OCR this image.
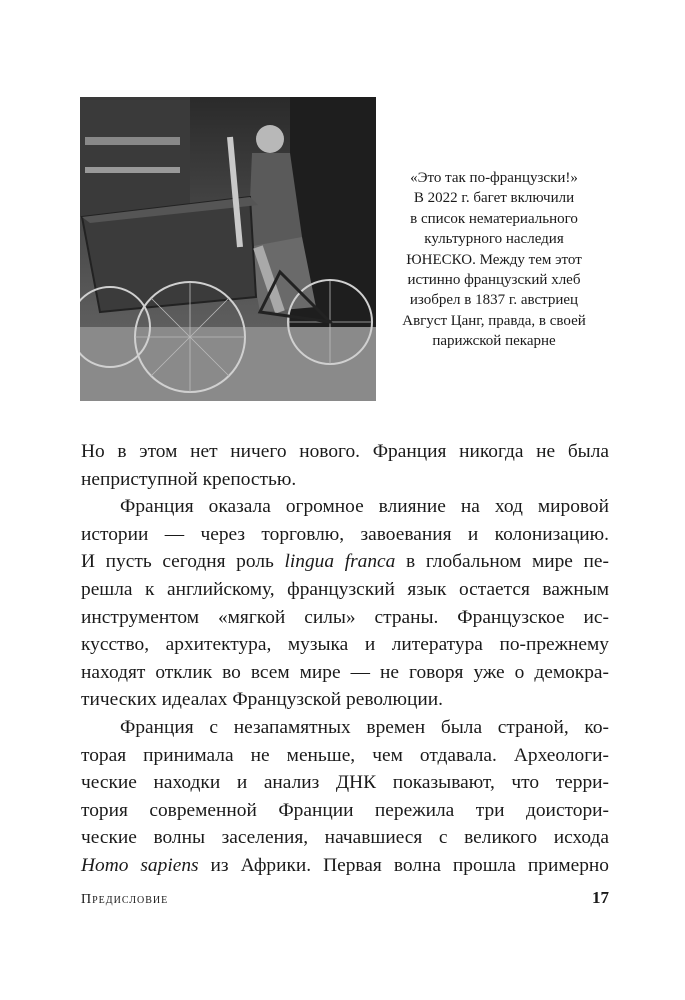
«Это так по-французски!»
В 2022 г. багет включили
в список нематериального
культурного наследия
ЮНЕСКО. Между тем этот
истинно французский хлеб
изобрел в 1837 г. австриец
Август Цанг, правда, в своей
парижской пекарне
Но в этом нет ничего нового. Франция никогда не была
неприступной крепостью.
Франция оказала огромное влияние на ход мировой
истории — через торговлю, завоевания и колонизацию.
И пусть сегодня роль lingua franca в глобальном мире пе-
решла к английскому, французский язык остается важным
инструментом «мягкой силы» страны. Французское ис-
кусство, архитектура, музыка и литература по-прежнему
находят отклик во всем мире — не говоря уже о демокра-
тических идеалах Французской революции.
Франция с незапамятных времен была страной, ко-
торая принимала не меньше, чем отдавала. Археологи-
ческие находки и анализ ДНК показывают, что терри-
тория современной Франции пережила три доистори-
ческие волны заселения, начавшиеся с великого исхода
Homo sapiens из Африки. Первая волна прошла примерно
Предисловие	17
